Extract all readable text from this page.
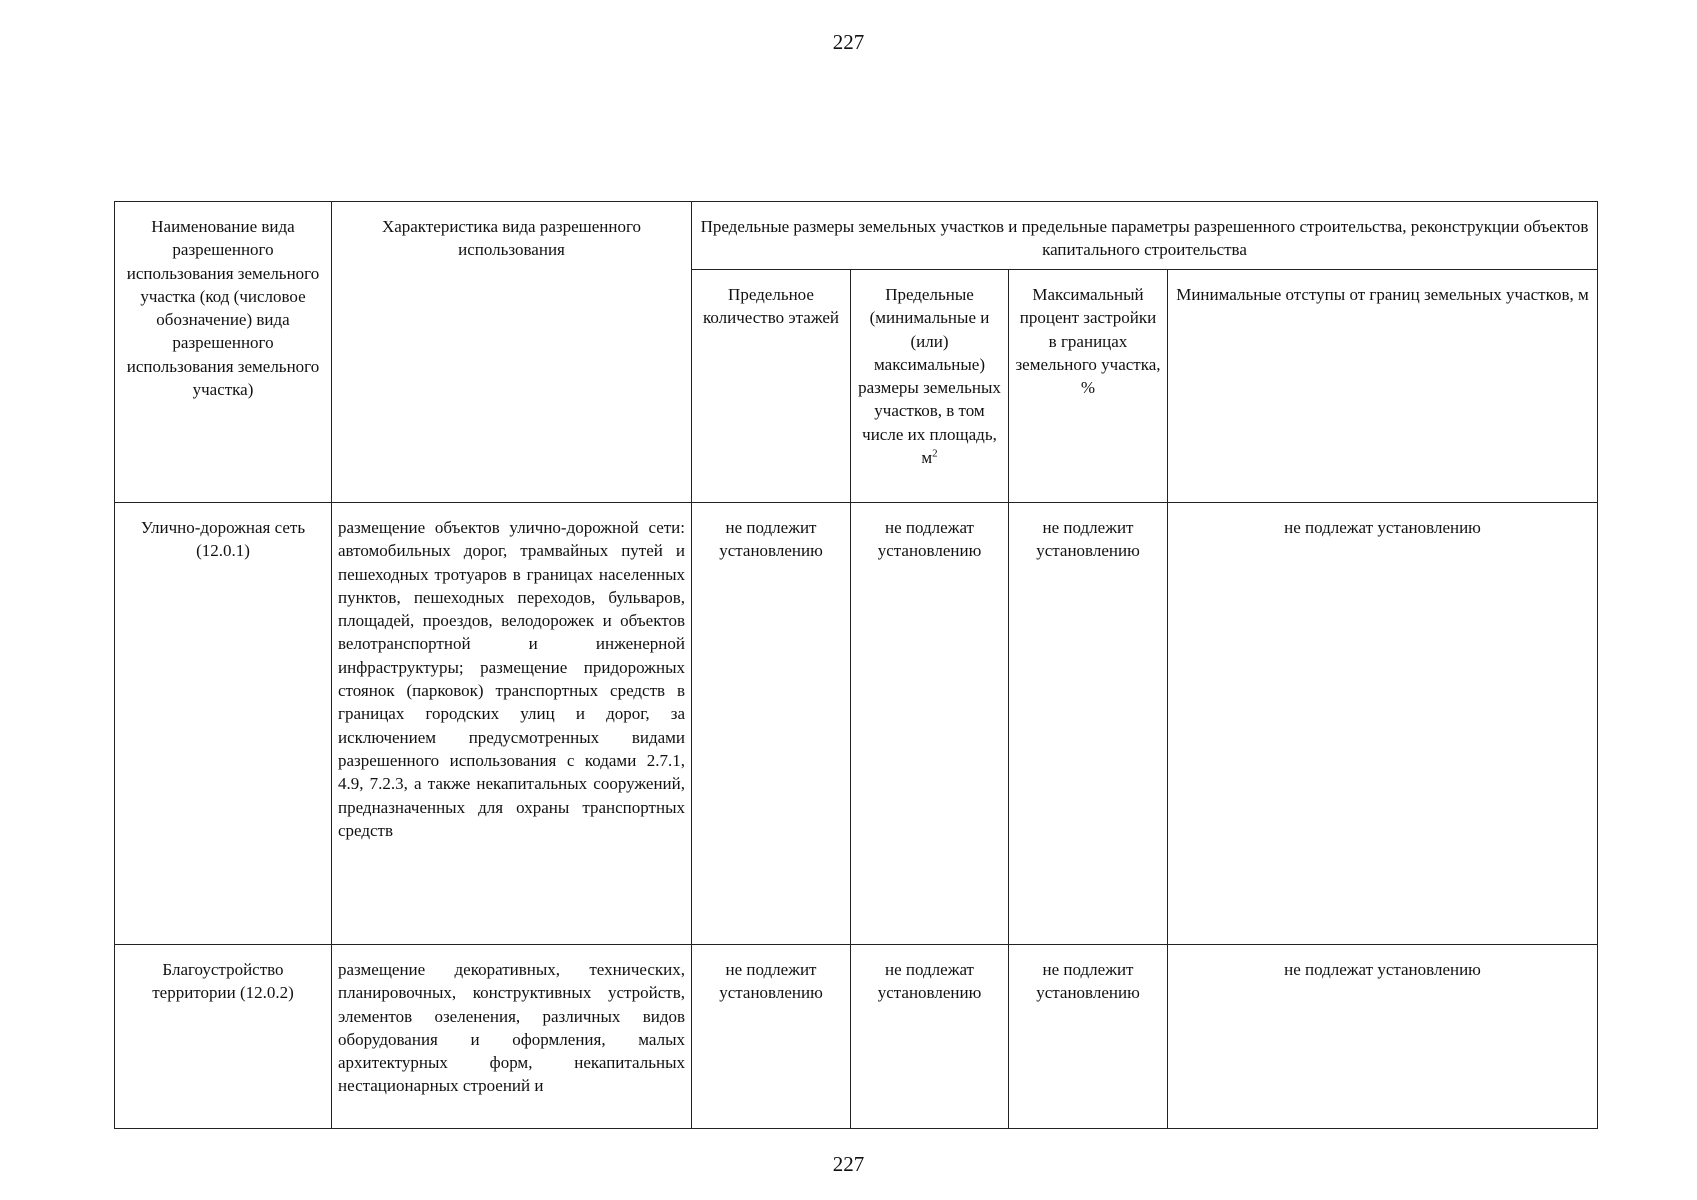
227
Наименование вида разрешенного использования земельного участка (код (числовое обозначение) вида разрешенного использования земельного участка)	Характеристика вида разрешенного использования	Предельные размеры земельных участков и предельные параметры разрешенного строительства, реконструкции объектов капитального строительства			
		Предельное количество этажей	Предельные (минимальные и (или) максимальные) размеры земельных участков, в том числе их площадь, $м^2$	Максимальный процент застройки в границах земельного участка, %	Минимальные отступы от границ земельных участков, м
Улично-дорожная сеть (12.0.1)	размещение объектов улично-дорожной сети: автомобильных дорог, трамвайных путей и пешеходных тротуаров в границах населенных пунктов, пешеходных переходов, бульваров, площадей, проездов, велодорожек и объектов велотранспортной и инженерной инфраструктуры; размещение придорожных стоянок (парковок) транспортных средств в границах городских улиц и дорог, за исключением предусмотренных видами разрешенного использования с кодами 2.7.1, 4.9, 7.2.3, а также некапитальных сооружений, предназначенных для охраны транспортных средств	не подлежит установлению	не подлежат установлению	не подлежит установлению	не подлежат установлению
Благоустройство территории (12.0.2)	размещение декоративных, технических, планировочных, конструктивных устройств, элементов озеленения, различных видов оборудования и оформления, малых архитектурных форм, некапитальных нестационарных строений и	не подлежит установлению	не подлежат установлению	не подлежит установлению	не подлежат установлению
227
